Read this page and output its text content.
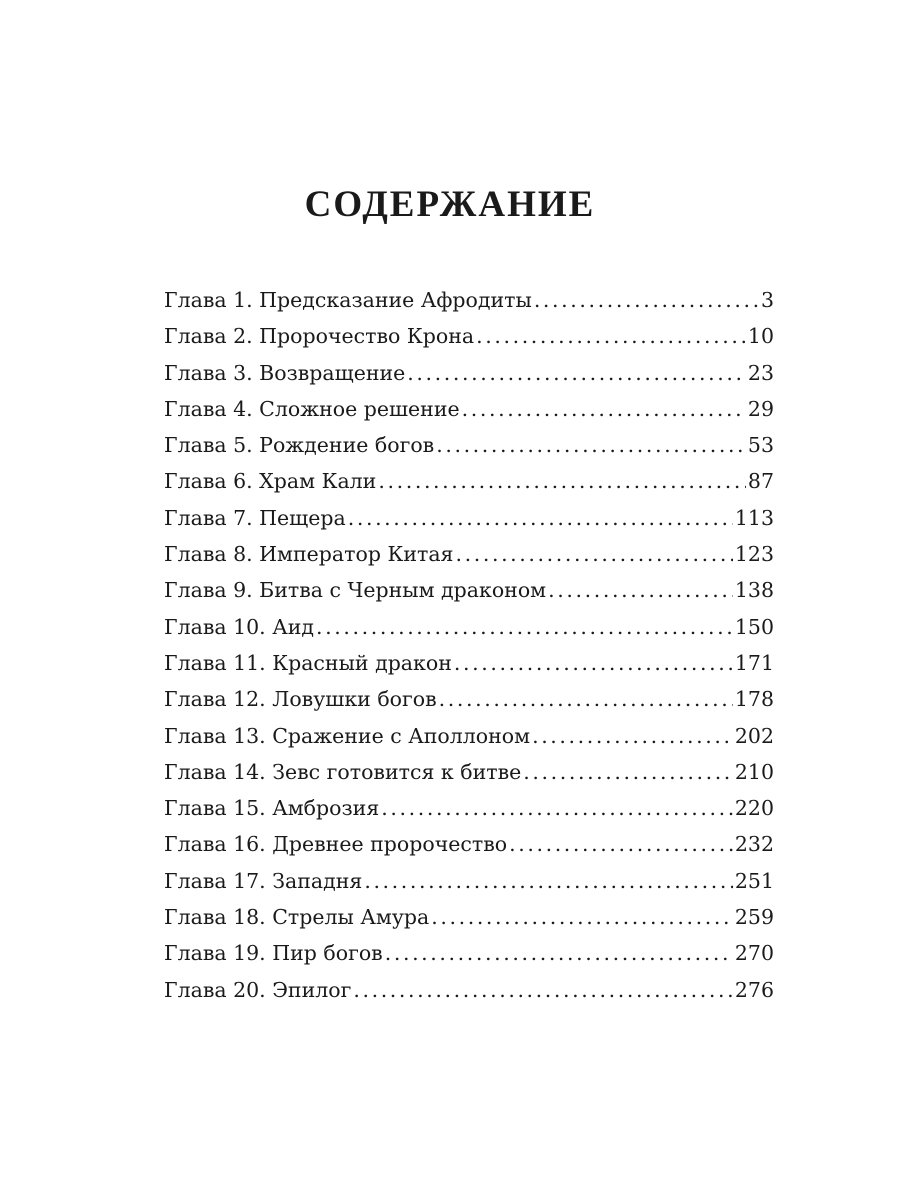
СОДЕРЖАНИЕ
Глава 1. Предсказание Афродиты .....	3
Глава 2. Пророчество Крона .....	10
Глава 3. Возвращение .....	23
Глава 4. Сложное решение .....	29
Глава 5. Рождение богов .....	53
Глава 6. Храм Кали .....	87
Глава 7. Пещера .....	113
Глава 8. Император Китая .....	123
Глава 9. Битва с Черным драконом .....	138
Глава 10. Аид .....	150
Глава 11. Красный дракон .....	171
Глава 12. Ловушки богов .....	178
Глава 13. Сражение с Аполлоном .....	202
Глава 14. Зевс готовится к битве .....	210
Глава 15. Амброзия .....	220
Глава 16. Древнее пророчество .....	232
Глава 17. Западня .....	251
Глава 18. Стрелы Амура .....	259
Глава 19. Пир богов .....	270
Глава 20. Эпилог .....	276
